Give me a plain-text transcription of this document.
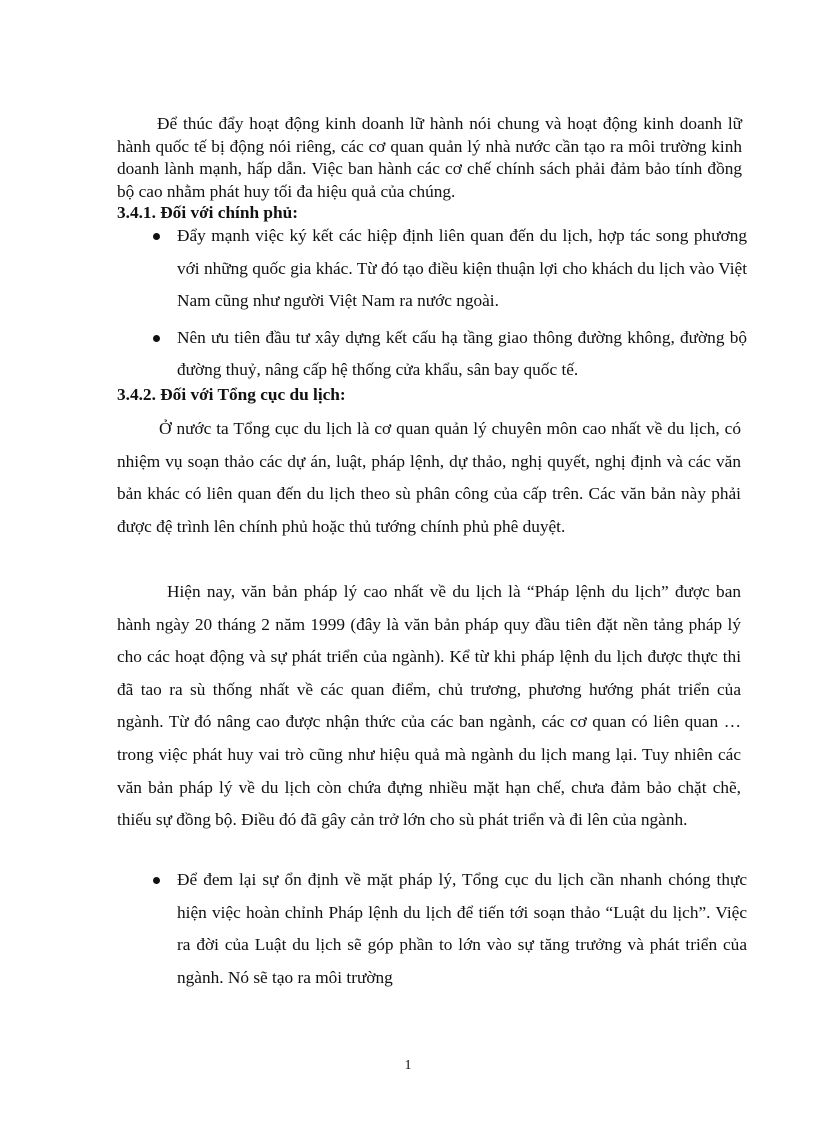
Để thúc đẩy hoạt động kinh doanh lữ hành nói chung và hoạt động kinh doanh lữ hành quốc tế bị động nói riêng, các cơ quan quản lý nhà nước cần tạo ra môi trường kinh doanh lành mạnh, hấp dẫn. Việc ban hành các cơ chế chính sách phải đảm bảo tính đồng bộ cao nhằm phát huy tối đa hiệu quả của chúng.

3.4.1. Đối với chính phủ:

Đẩy mạnh việc ký kết các hiệp định liên quan đến du lịch, hợp tác song phương với những quốc gia khác. Từ đó tạo điều kiện thuận lợi cho khách du lịch vào Việt Nam cũng như người Việt Nam ra nước ngoài.
Nên ưu tiên đầu tư xây dựng kết cấu hạ tầng giao thông đường không, đường bộ đường thuỷ, nâng cấp hệ thống cửa khẩu, sân bay quốc tế.

3.4.2. Đối với Tổng cục du lịch:

Ở nước ta Tổng cục du lịch là cơ quan quản lý chuyên môn cao nhất về du lịch, có nhiệm vụ soạn thảo các dự án, luật, pháp lệnh, dự thảo, nghị quyết, nghị định và các văn bản khác có liên quan đến du lịch theo sù phân công của cấp trên. Các văn bản này phải được đệ trình lên chính phủ hoặc thủ tướng chính phủ phê duyệt.

Hiện nay, văn bản pháp lý cao nhất về du lịch là “Pháp lệnh du lịch” được ban hành ngày 20 tháng 2 năm 1999 (đây là văn bản pháp quy đầu tiên đặt nền tảng pháp lý cho các hoạt động và sự phát triển của ngành). Kể từ khi pháp lệnh du lịch được thực thi đã tao ra sù thống nhất về các quan điểm, chủ trương, phương hướng phát triển của ngành. Từ đó nâng cao được nhận thức của các ban ngành, các cơ quan có liên quan … trong việc phát huy vai trò cũng như hiệu quả mà ngành du lịch mang lại. Tuy nhiên các văn bản pháp lý về du lịch còn chứa đựng nhiều mặt hạn chế, chưa đảm bảo chặt chẽ, thiếu sự đồng bộ. Điều đó đã gây cản trở lớn cho sù phát triển và đi lên của ngành.

Để đem lại sự ổn định về mặt pháp lý, Tổng cục du lịch cần nhanh chóng thực hiện việc hoàn chỉnh Pháp lệnh du lịch để tiến tới soạn thảo “Luật du lịch”. Việc ra đời của Luật du lịch sẽ góp phần to lớn vào sự tăng trưởng và phát triển của ngành. Nó sẽ tạo ra môi trường

1
